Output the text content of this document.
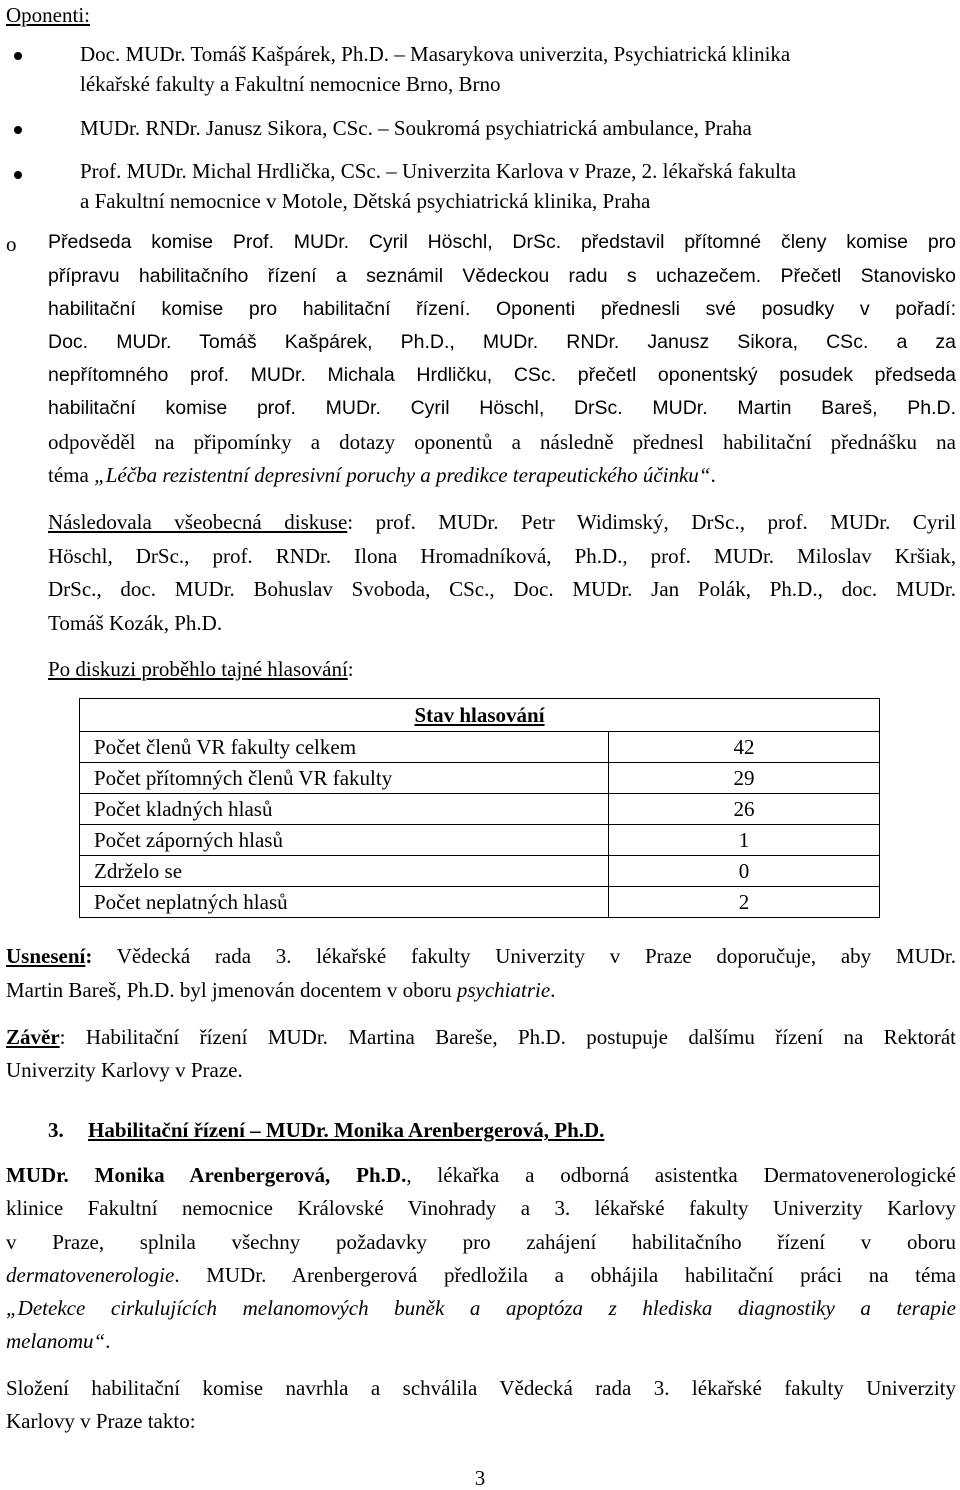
Oponenti:
Doc. MUDr. Tomáš Kašpárek, Ph.D. – Masarykova univerzita, Psychiatrická klinika
lékařské fakulty a Fakultní nemocnice Brno, Brno
MUDr. RNDr. Janusz Sikora, CSc. – Soukromá psychiatrická ambulance, Praha
Prof. MUDr. Michal Hrdlička, CSc. – Univerzita Karlova v Praze, 2. lékařská fakulta
a Fakultní nemocnice v Motole, Dětská psychiatrická klinika, Praha
o Předseda komise Prof. MUDr. Cyril Höschl, DrSc. představil přítomné členy komise pro
přípravu habilitačního řízení a seznámil Vědeckou radu s uchazečem. Přečetl Stanovisko
habilitační komise pro habilitační řízení. Oponenti přednesli své posudky v pořadí:
Doc. MUDr. Tomáš Kašpárek, Ph.D., MUDr. RNDr. Janusz Sikora, CSc. a za
nepřítomného prof. MUDr. Michala Hrdličku, CSc. přečetl oponentský posudek předseda
habilitační komise prof. MUDr. Cyril Höschl, DrSc. MUDr. Martin Bareš, Ph.D.
odpověděl na připomínky a dotazy oponentů a následně přednesl habilitační přednášku na
téma „Léčba rezistentní depresivní poruchy a predikce terapeutického účinku“.
Následovala všeobecná diskuse: prof. MUDr. Petr Widimský, DrSc., prof. MUDr. Cyril
Höschl, DrSc., prof. RNDr. Ilona Hromadníková, Ph.D., prof. MUDr. Miloslav Kršiak,
DrSc., doc. MUDr. Bohuslav Svoboda, CSc., Doc. MUDr. Jan Polák, Ph.D., doc. MUDr.
Tomáš Kozák, Ph.D.
Po diskuzi proběhlo tajné hlasování:
Stav hlasování	
Počet členů VR fakulty celkem	42
Počet přítomných členů VR fakulty	29
Počet kladných hlasů	26
Počet záporných hlasů	1
Zdrželo se	0
Počet neplatných hlasů	2
Usnesení: Vědecká rada 3. lékařské fakulty Univerzity v Praze doporučuje, aby MUDr.
Martin Bareš, Ph.D. byl jmenován docentem v oboru psychiatrie.
Závěr: Habilitační řízení MUDr. Martina Bareše, Ph.D. postupuje dalšímu řízení na Rektorát
Univerzity Karlovy v Praze.
3. Habilitační řízení – MUDr. Monika Arenbergerová, Ph.D.
MUDr. Monika Arenbergerová, Ph.D., lékařka a odborná asistentka Dermatovenerologické
klinice Fakultní nemocnice Královské Vinohrady a 3. lékařské fakulty Univerzity Karlovy
v Praze, splnila všechny požadavky pro zahájení habilitačního řízení v oboru
dermatovenerologie. MUDr. Arenbergerová předložila a obhájila habilitační práci na téma
„Detekce cirkulujících melanomových buněk a apoptóza z hlediska diagnostiky a terapie
melanomu“.
Složení habilitační komise navrhla a schválila Vědecká rada 3. lékařské fakulty Univerzity
Karlovy v Praze takto:
3
